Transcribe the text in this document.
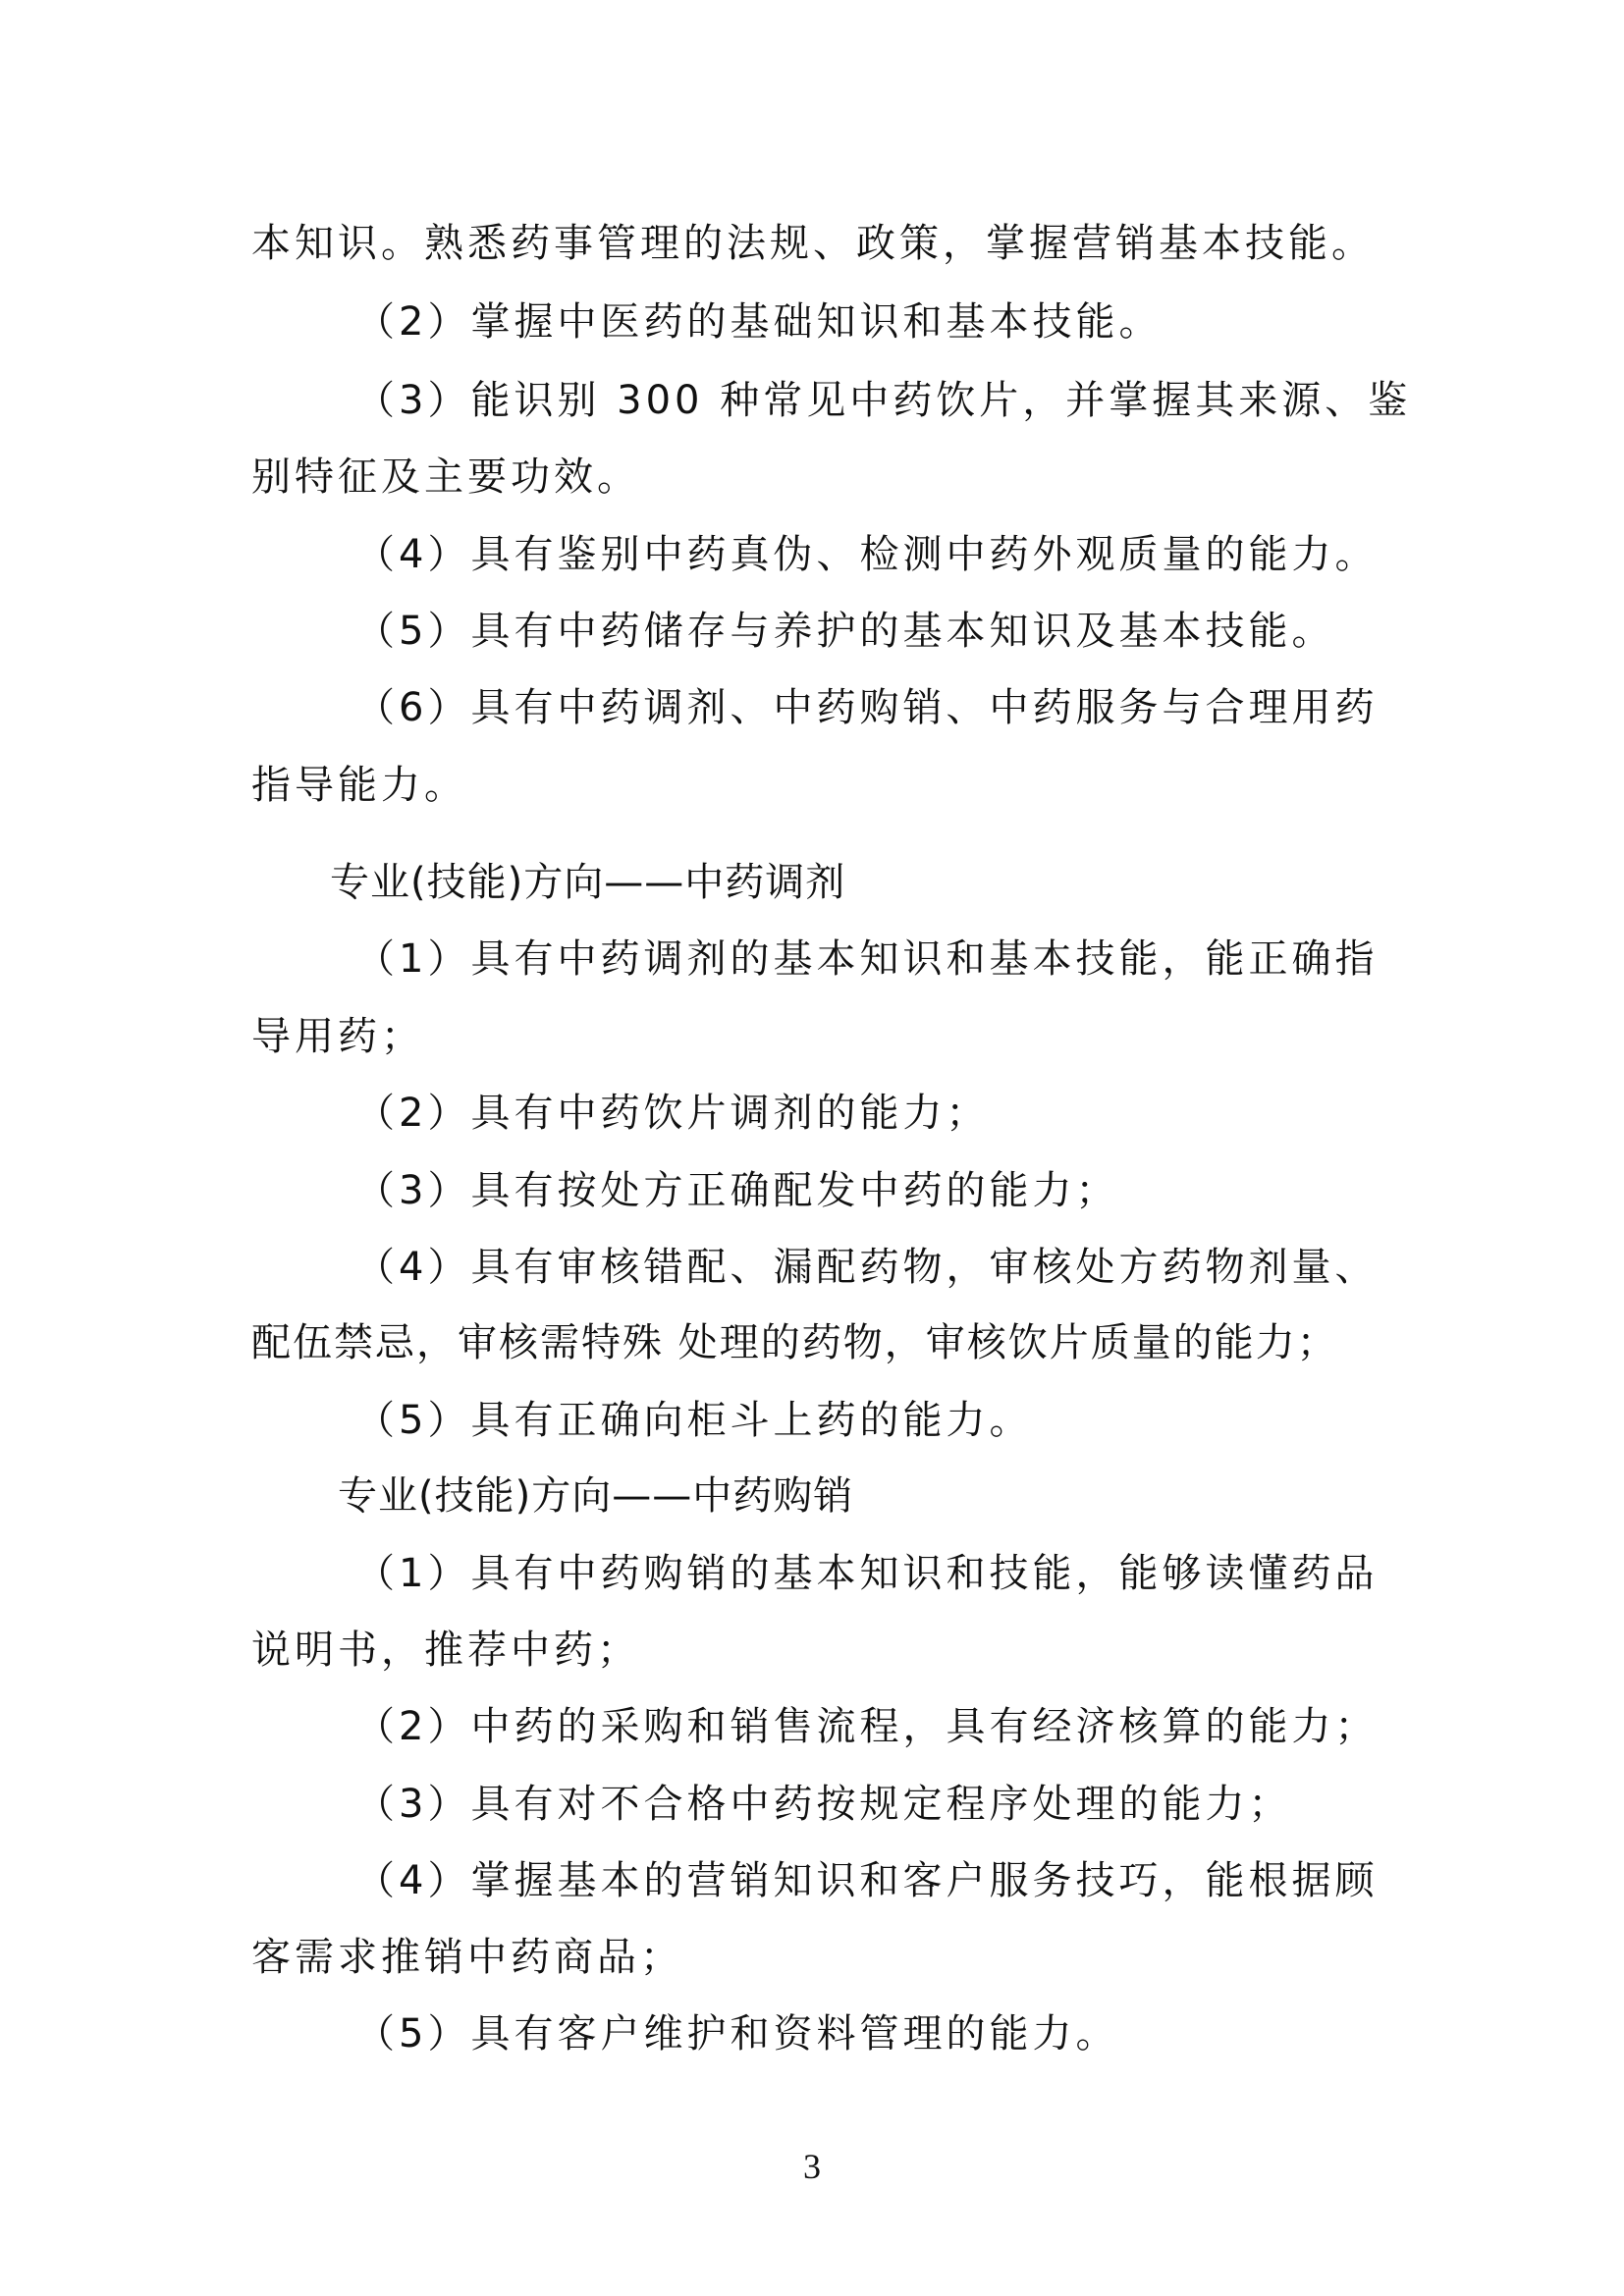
本知识。熟悉药事管理的法规、政策，掌握营销基本技能。
（2）掌握中医药的基础知识和基本技能。
（3）能识别 300 种常见中药饮片，并掌握其来源、鉴
别特征及主要功效。
（4）具有鉴别中药真伪、检测中药外观质量的能力。
（5）具有中药储存与养护的基本知识及基本技能。
（6）具有中药调剂、中药购销、中药服务与合理用药
指导能力。
专业(技能)方向——中药调剂
（1）具有中药调剂的基本知识和基本技能，能正确指
导用药；
（2）具有中药饮片调剂的能力；
（3）具有按处方正确配发中药的能力；
（4）具有审核错配、漏配药物，审核处方药物剂量、
配伍禁忌，审核需特殊 处理的药物，审核饮片质量的能力；
（5）具有正确向柜斗上药的能力。
专业(技能)方向——中药购销
（1）具有中药购销的基本知识和技能，能够读懂药品
说明书，推荐中药；
（2）中药的采购和销售流程，具有经济核算的能力；
（3）具有对不合格中药按规定程序处理的能力；
（4）掌握基本的营销知识和客户服务技巧，能根据顾
客需求推销中药商品；
（5）具有客户维护和资料管理的能力。
3
